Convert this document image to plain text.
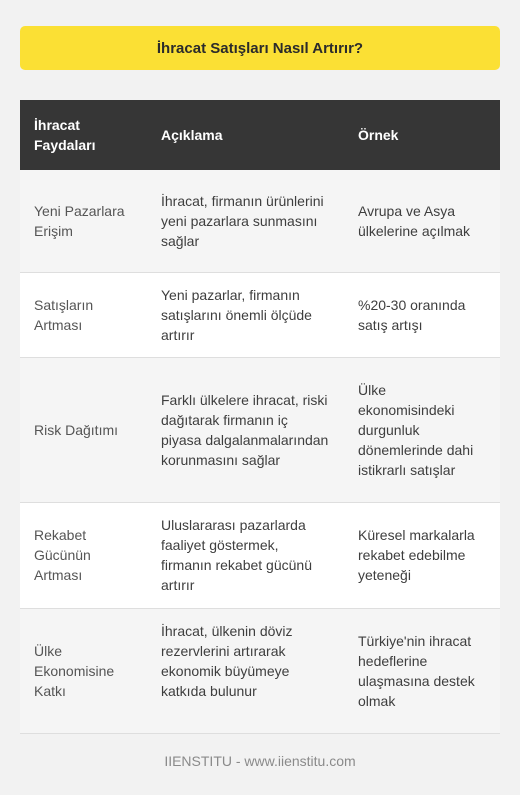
İhracat Satışları Nasıl Artırır?
İhracat Faydaları	Açıklama	Örnek
Yeni Pazarlara Erişim	İhracat, firmanın ürünlerini yeni pazarlara sunmasını sağlar	Avrupa ve Asya ülkelerine açılmak
Satışların Artması	Yeni pazarlar, firmanın satışlarını önemli ölçüde artırır	%20-30 oranında satış artışı
Risk Dağıtımı	Farklı ülkelere ihracat, riski dağıtarak firmanın iç piyasa dalgalanmalarından korunmasını sağlar	Ülke ekonomisindeki durgunluk dönemlerinde dahi istikrarlı satışlar
Rekabet Gücünün Artması	Uluslararası pazarlarda faaliyet göstermek, firmanın rekabet gücünü artırır	Küresel markalarla rekabet edebilme yeteneği
Ülke Ekonomisine Katkı	İhracat, ülkenin döviz rezervlerini artırarak ekonomik büyümeye katkıda bulunur	Türkiye'nin ihracat hedeflerine ulaşmasına destek olmak
IIENSTITU - www.iienstitu.com
